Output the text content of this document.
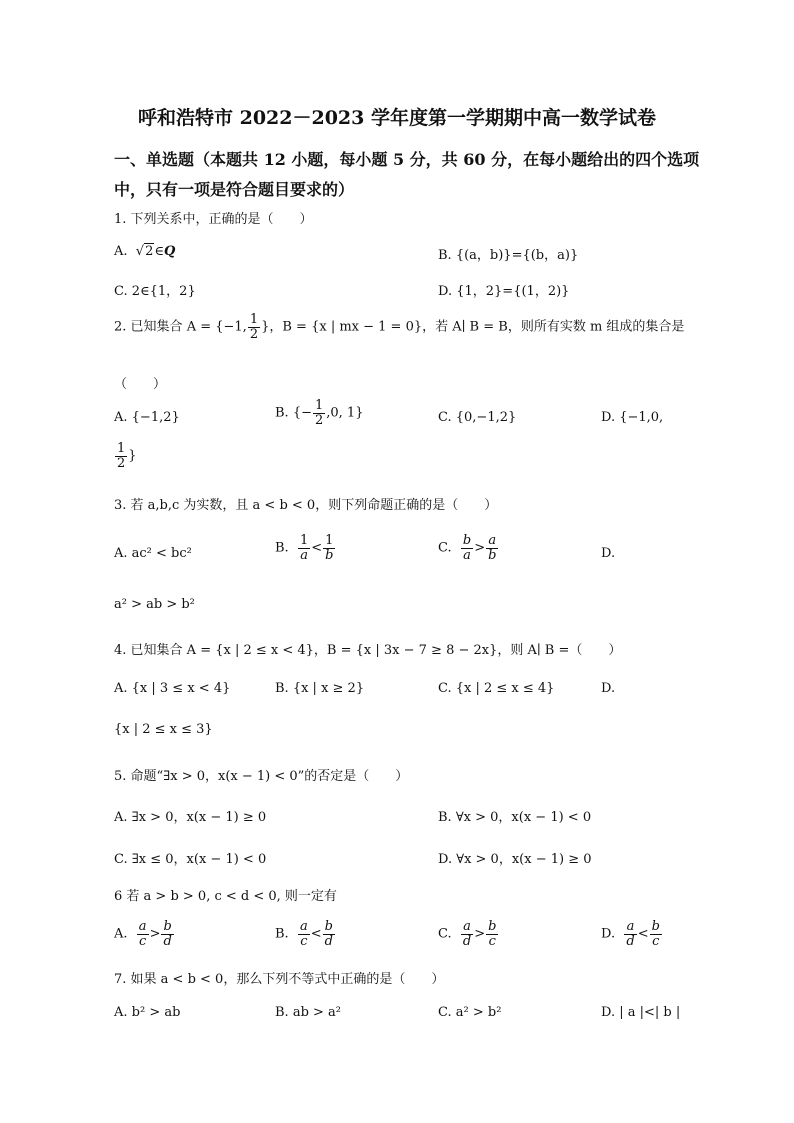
呼和浩特市 2022－2023 学年度第一学期期中高一数学试卷
一、单选题（本题共 12 小题，每小题 5 分，共 60 分，在每小题给出的四个选项
中，只有一项是符合题目要求的）
1. 下列关系中，正确的是（　　）
A.  √2∈Q	B. {(a，b)}={(b，a)}
C. 2∈{1，2}	D. {1，2}={(1，2)}
2. 已知集合 A = {−1, $\frac{1}{2}$ }，B = {x | mx − 1 = 0}，若 A∣ B = B，则所有实数 m 组成的集合是
（　　）
A. {−1,2}	B. {− $\frac{1}{2} ,0$, 1}	C. {0,−1,2}	D. {−1,0,
$\frac{1}{2}$ }
3. 若 a,b,c 为实数，且 a < b < 0，则下列命题正确的是（　　）
A. ac² < bc²	B. $\frac{1}{a} < \frac{1}{b}$	C. $\frac{b}{a} > \frac{a}{b}$	D.
a² > ab > b²
4. 已知集合 A = {x | 2 ≤ x < 4}，B = {x | 3x − 7 ≥ 8 − 2x}，则 A∣ B =（　　）
A. {x | 3 ≤ x < 4}	B. {x | x ≥ 2}	C. {x | 2 ≤ x ≤ 4}	D.
{x | 2 ≤ x ≤ 3}
5. 命题“∃x > 0，x(x − 1) < 0”的否定是（　　）
A. ∃x > 0，x(x − 1) ≥ 0	B. ∀x > 0，x(x − 1) < 0
C. ∃x ≤ 0，x(x − 1) < 0	D. ∀x > 0，x(x − 1) ≥ 0
6 若 a > b > 0, c < d < 0, 则一定有
A. $\frac{a}{c} > \frac{b}{d}$	B. $\frac{a}{c} < \frac{b}{d}$	C. $\frac{a}{d} > \frac{b}{c}$	D. $\frac{a}{d} < \frac{b}{c}$
7. 如果 a < b < 0，那么下列不等式中正确的是（　　）
A. b² > ab	B. ab > a²	C. a² > b²	D. | a |<| b |
